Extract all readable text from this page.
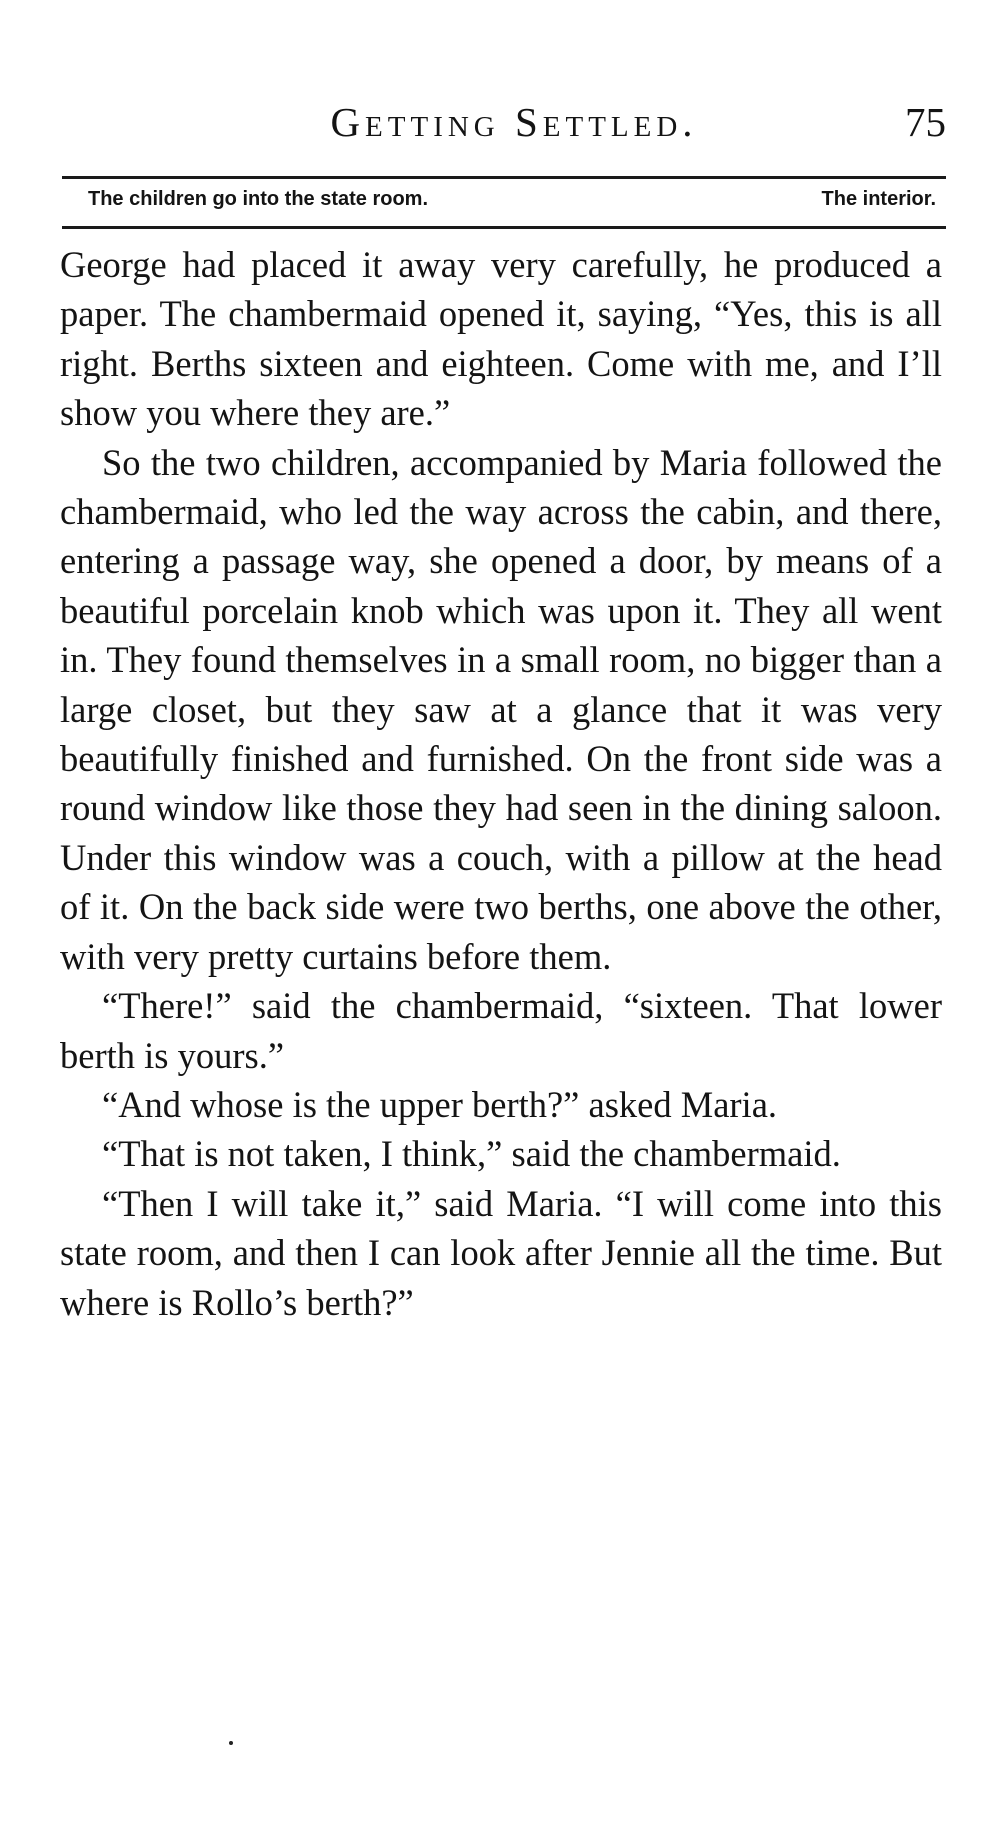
Getting Settled.	75
The children go into the state room.	The interior.

George had placed it away very carefully, he produced a paper. The chambermaid opened it, saying, “Yes, this is all right. Berths sixteen and eighteen. Come with me, and I’ll show you where they are.”

So the two children, accompanied by Maria followed the chambermaid, who led the way across the cabin, and there, entering a passage way, she opened a door, by means of a beautiful porcelain knob which was upon it. They all went in. They found themselves in a small room, no bigger than a large closet, but they saw at a glance that it was very beautifully finished and furnished. On the front side was a round window like those they had seen in the dining saloon. Under this window was a couch, with a pillow at the head of it. On the back side were two berths, one above the other, with very pretty curtains before them.

“There!” said the chambermaid, “sixteen. That lower berth is yours.”

“And whose is the upper berth?” asked Maria.

“That is not taken, I think,” said the chambermaid.

“Then I will take it,” said Maria. “I will come into this state room, and then I can look after Jennie all the time. But where is Rollo’s berth?”
